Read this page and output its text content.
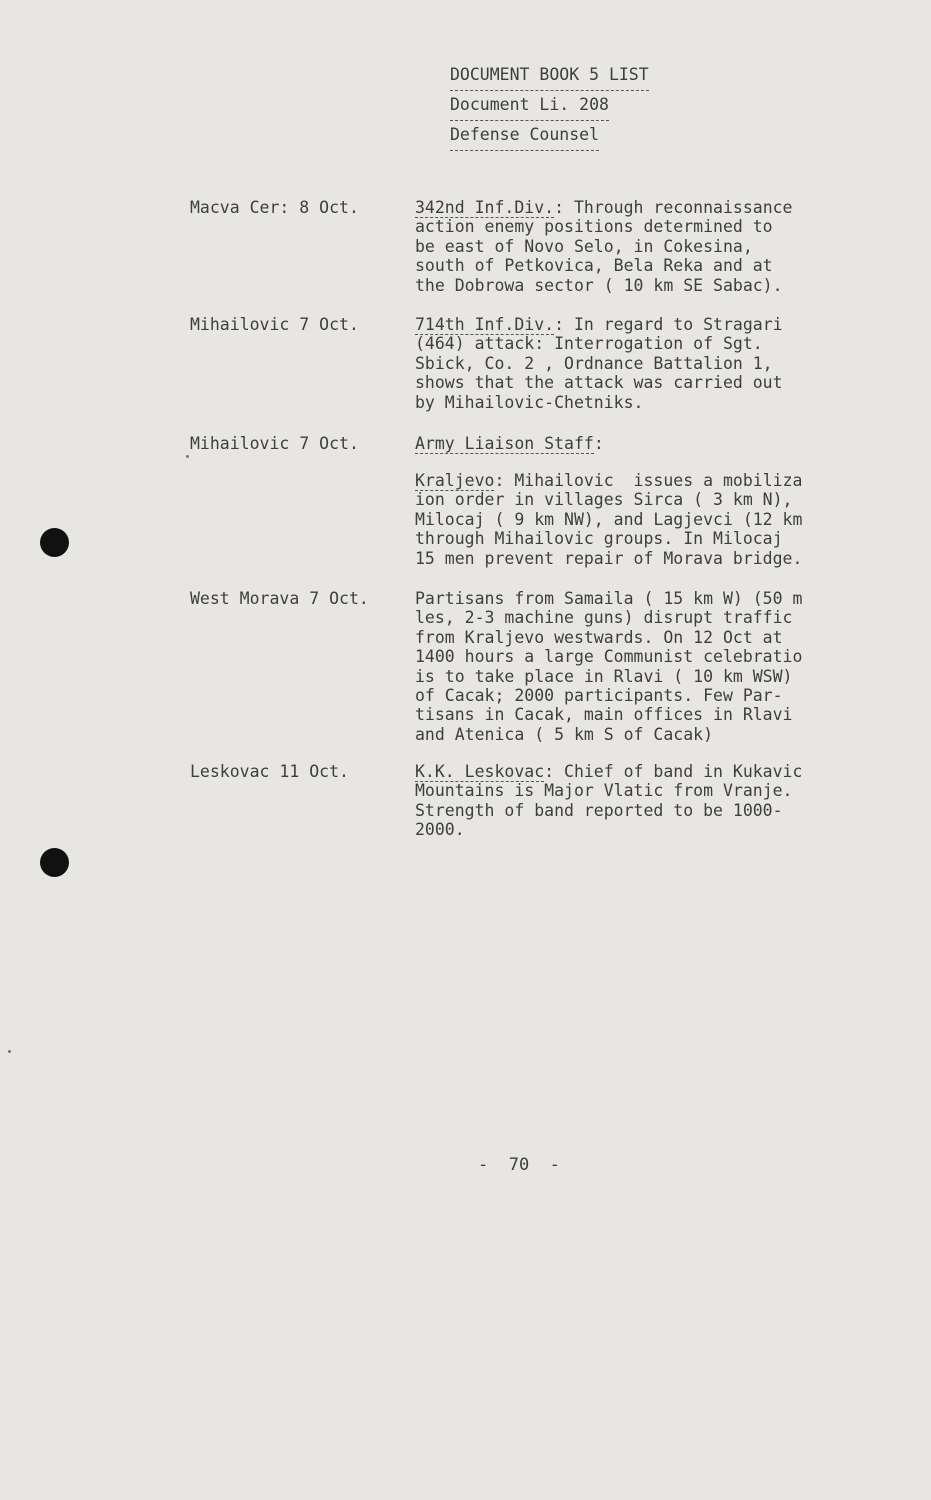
DOCUMENT BOOK 5 LIST
Document Li. 208
Defense Counsel
Macva Cer: 8 Oct.	342nd Inf.Div.: Through reconnaissance
action enemy positions determined to
be east of Novo Selo, in Cokesina,
south of Petkovica, Bela Reka and at
the Dobrowa sector ( 10 km SE Sabac).
Mihailovic 7 Oct.	714th Inf.Div.: In regard to Stragari
(464) attack: Interrogation of Sgt.
Sbick, Co. 2 , Ordnance Battalion 1,
shows that the attack was carried out
by Mihailovic-Chetniks.
Mihailovic 7 Oct.	Army Liaison Staff:
Kraljevo: Mihailovic  issues a mobiliza
ion order in villages Sirca ( 3 km N),
Milocaj ( 9 km NW), and Lagjevci (12 km
through Mihailovic groups. In Milocaj
15 men prevent repair of Morava bridge.
West Morava 7 Oct.	Partisans from Samaila ( 15 km W) (50 m
les, 2-3 machine guns) disrupt traffic
from Kraljevo westwards. On 12 Oct at
1400 hours a large Communist celebratio
is to take place in Rlavi ( 10 km WSW)
of Cacak; 2000 participants. Few Par-
tisans in Cacak, main offices in Rlavi
and Atenica ( 5 km S of Cacak)
Leskovac 11 Oct.	K.K. Leskovac: Chief of band in Kukavic
Mountains is Major Vlatic from Vranje.
Strength of band reported to be 1000-
2000.
-  70  -
